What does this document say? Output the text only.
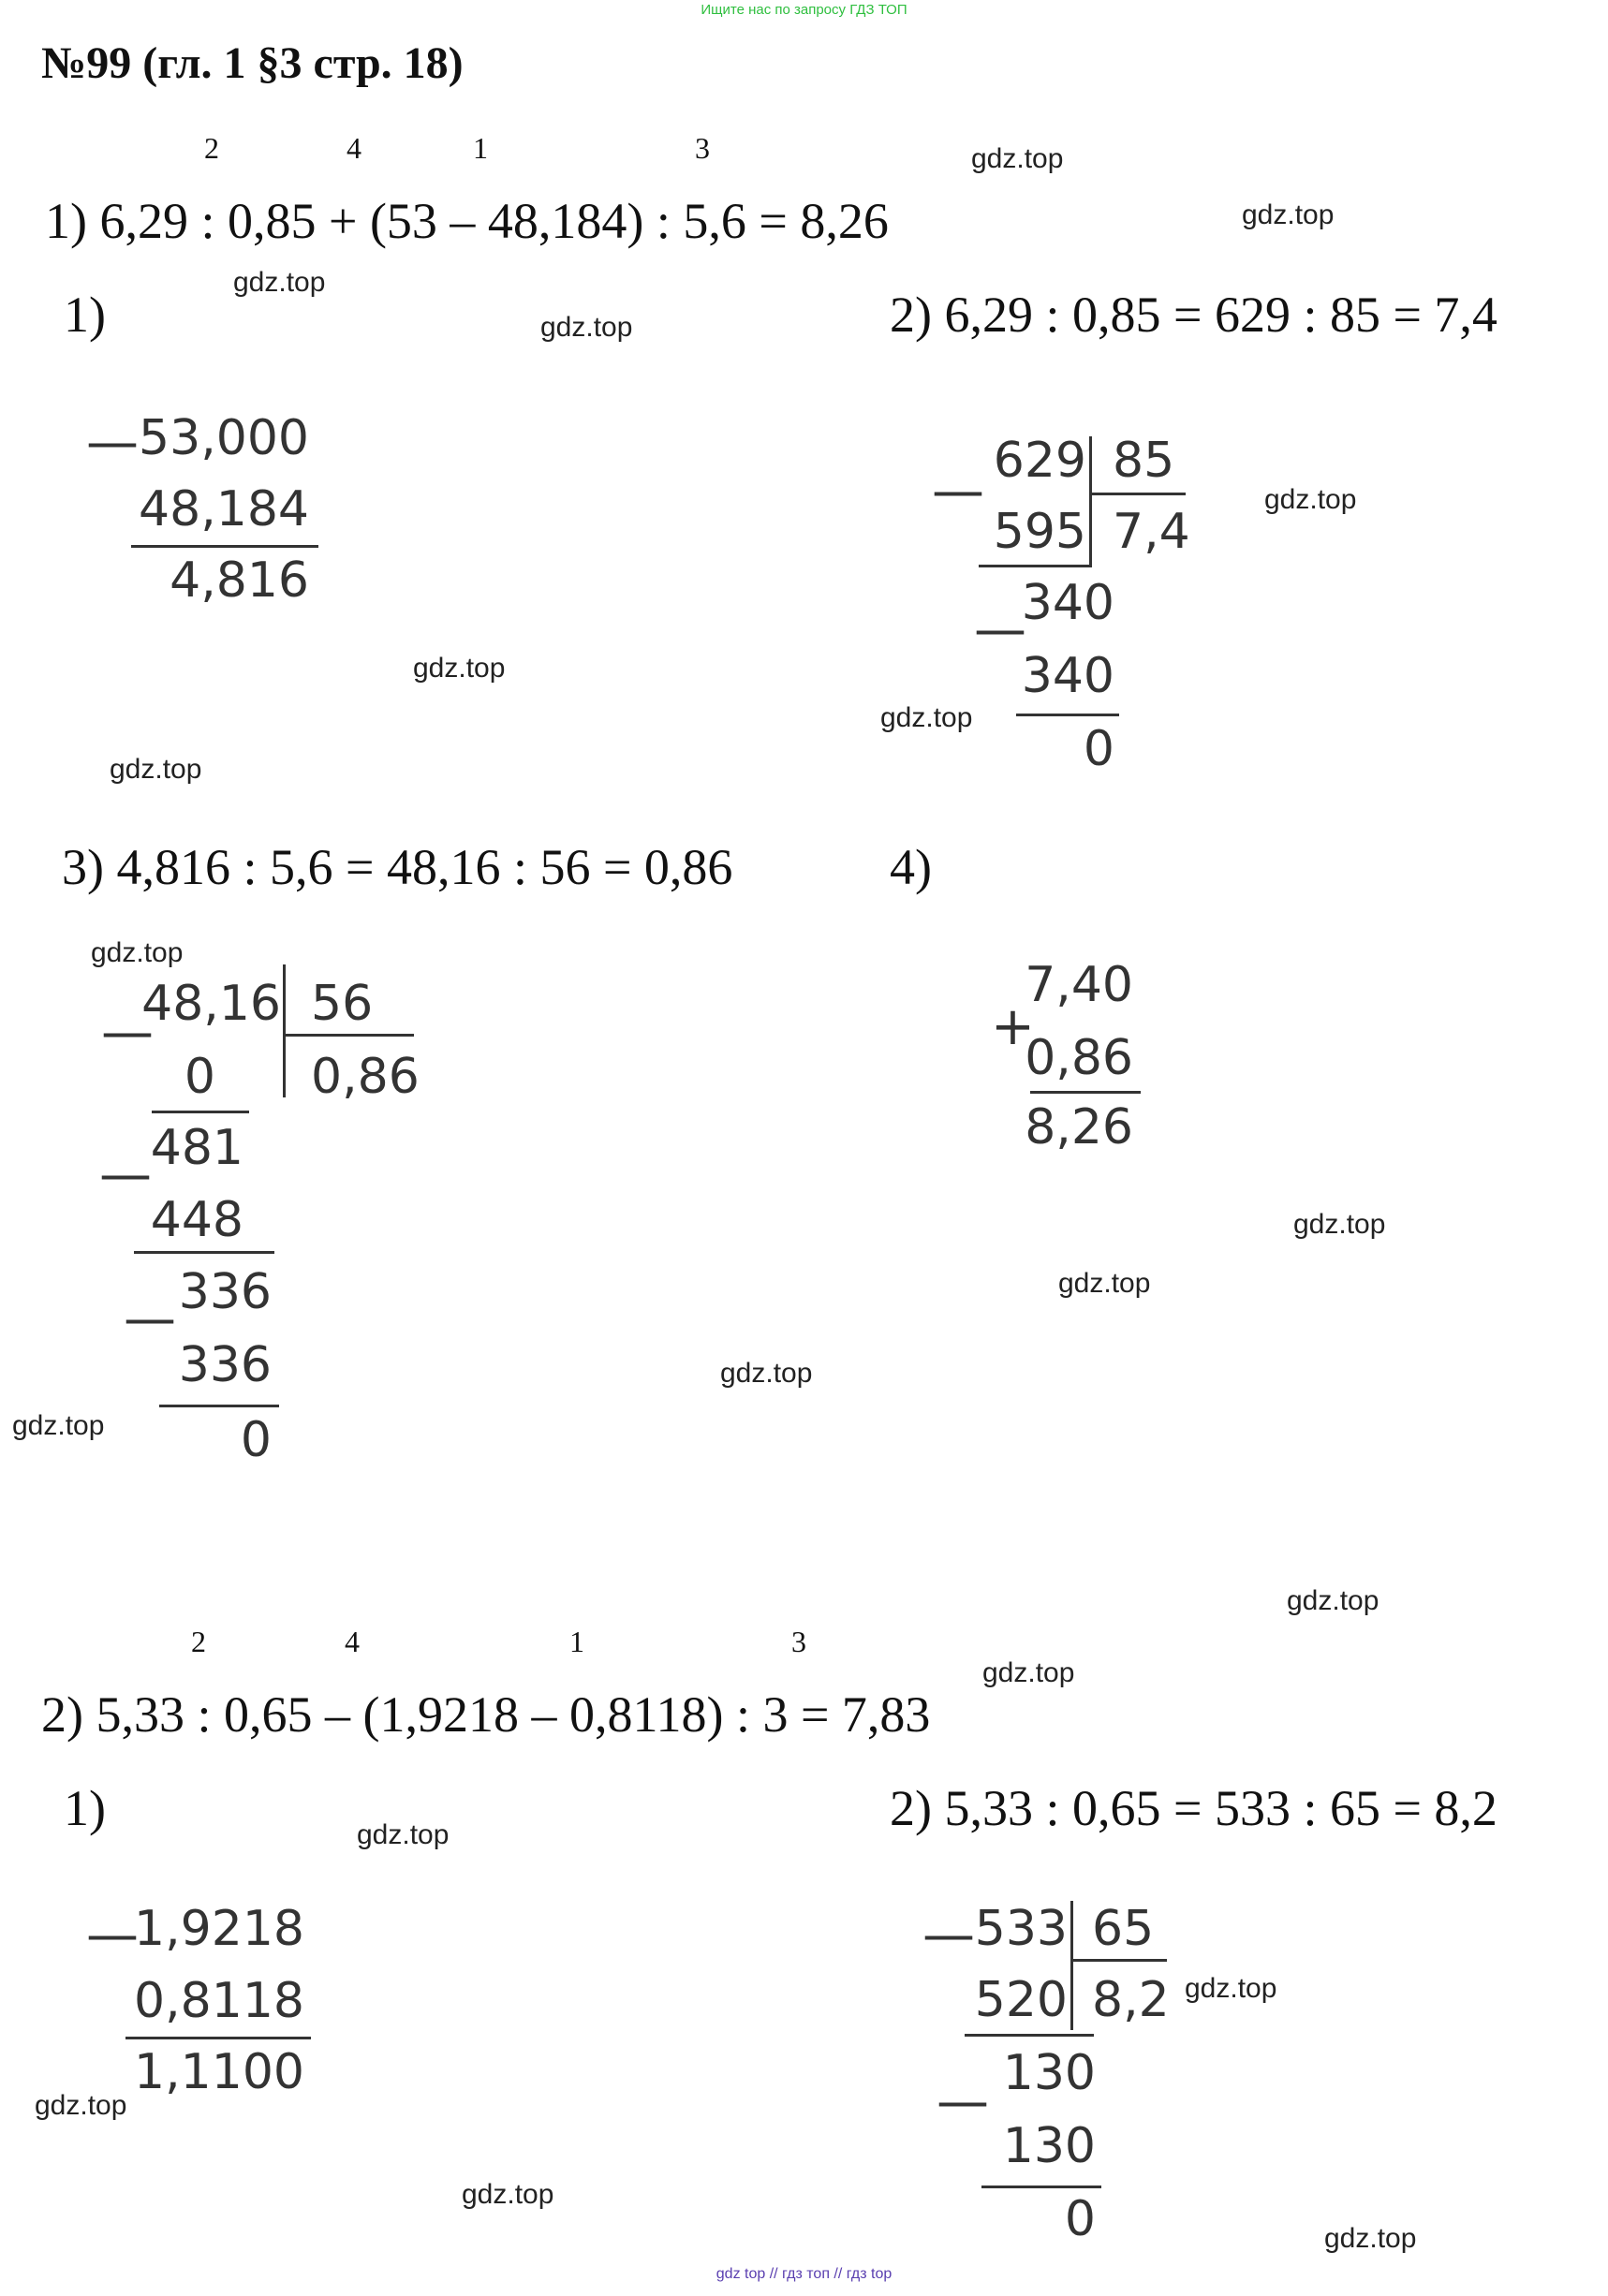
Ищите нас по запросу ГДЗ ТОП
№99 (гл. 1 §3 стр. 18)
2	4	1	3
1) 6,29 : 0,85 + (53 – 48,184) : 5,6 = 8,26
1)	2) 6,29 : 0,85 = 629 : 85 = 7,4
— 53,000
48,184
4,816
— 629 85
595 7,4
—
340
340
0
3) 4,816 : 5,6 = 48,16 : 56 = 0,86	4)
—
48,16 56
0 0,86
—
481
448
— 336
336
0
+
7,40
0,86
8,26
2	4	1	3
2) 5,33 : 0,65 – (1,9218 – 0,8118) : 3 = 7,83
1)	2) 5,33 : 0,65 = 533 : 65 = 8,2
—
1,9218
0,8118
1,1100
— 533 65
520 8,2
— 130
130
0
gdz.top
gdz.top
gdz.top
gdz.top
gdz.top
gdz.top
gdz.top
gdz.top
gdz.top
gdz.top
gdz.top
gdz.top
gdz.top
gdz.top
gdz.top
gdz.top
gdz.top
gdz.top
gdz.top
gdz.top
gdz top // гдз топ // гдз top
